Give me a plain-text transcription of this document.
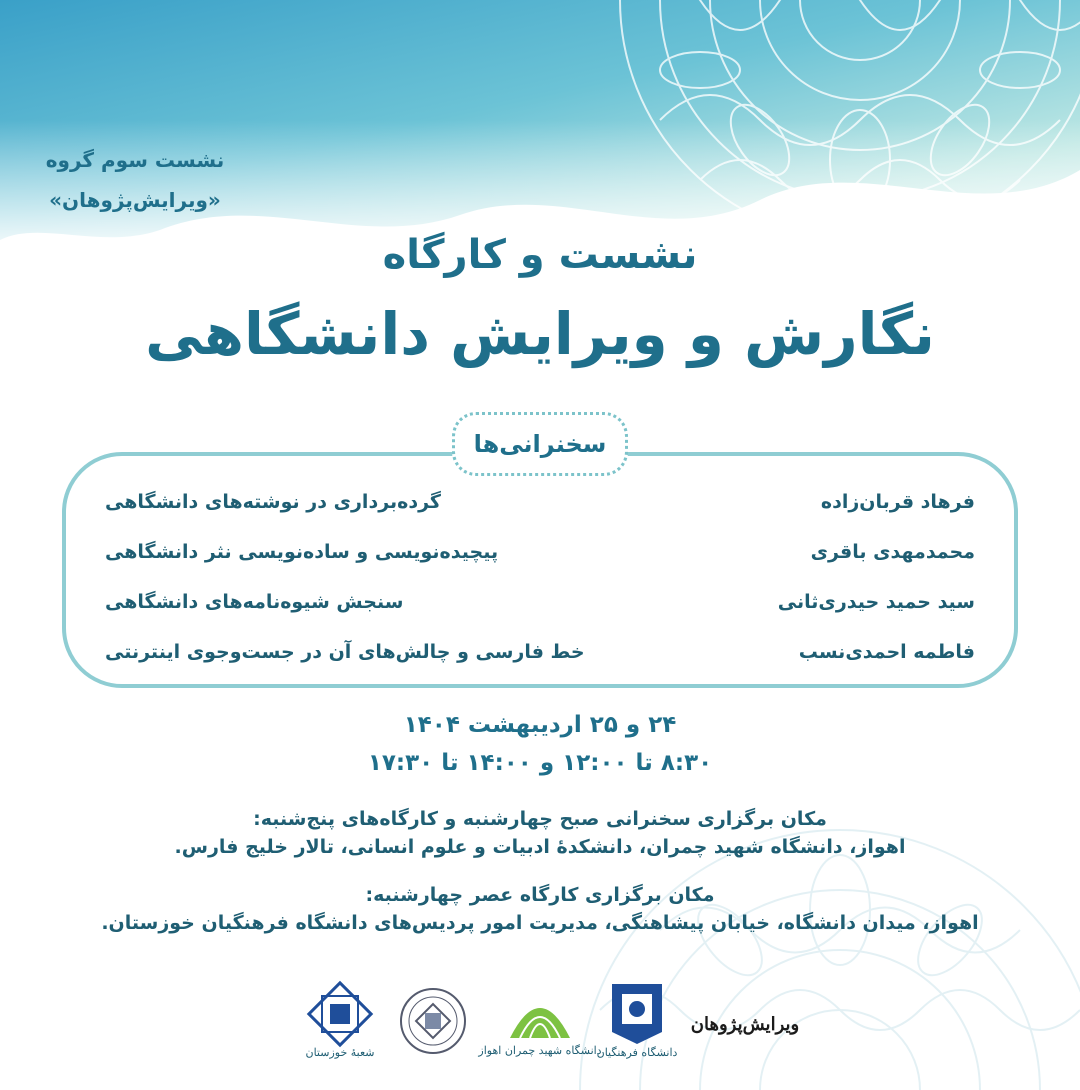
نشست سوم گروه
«ویرایش‌پژوهان»
نشست و کارگاه
نگارش و ویرایش دانشگاهی
سخنرانی‌ها
فرهاد قربان‌زاده
گرده‌برداری در نوشته‌های دانشگاهی
محمدمهدی باقری
پیچیده‌نویسی و ساده‌نویسی نثر دانشگاهی
سید حمید حیدری‌ثانی
سنجش شیوه‌نامه‌های دانشگاهی
فاطمه احمدی‌نسب
خط فارسی و چالش‌های آن در جست‌وجوی اینترنتی
۲۴ و ۲۵ اردیبهشت ۱۴۰۴
۸:۳۰ تا ۱۲:۰۰ و ۱۴:۰۰ تا ۱۷:۳۰
مکان برگزاری سخنرانی صبح چهارشنبه و کارگاه‌های پنج‌شنبه:
اهواز، دانشگاه شهید چمران، دانشکدهٔ ادبیات و علوم انسانی، تالار خلیج فارس.
مکان برگزاری کارگاه عصر چهارشنبه:
اهواز، میدان دانشگاه، خیابان پیشاهنگی، مدیریت امور پردیس‌های دانشگاه فرهنگیان خوزستان.
ویرایش‌پژوهان
دانشگاه فرهنگیان
دانشگاه شهید چمران اهواز
شعبهٔ خوزستان
